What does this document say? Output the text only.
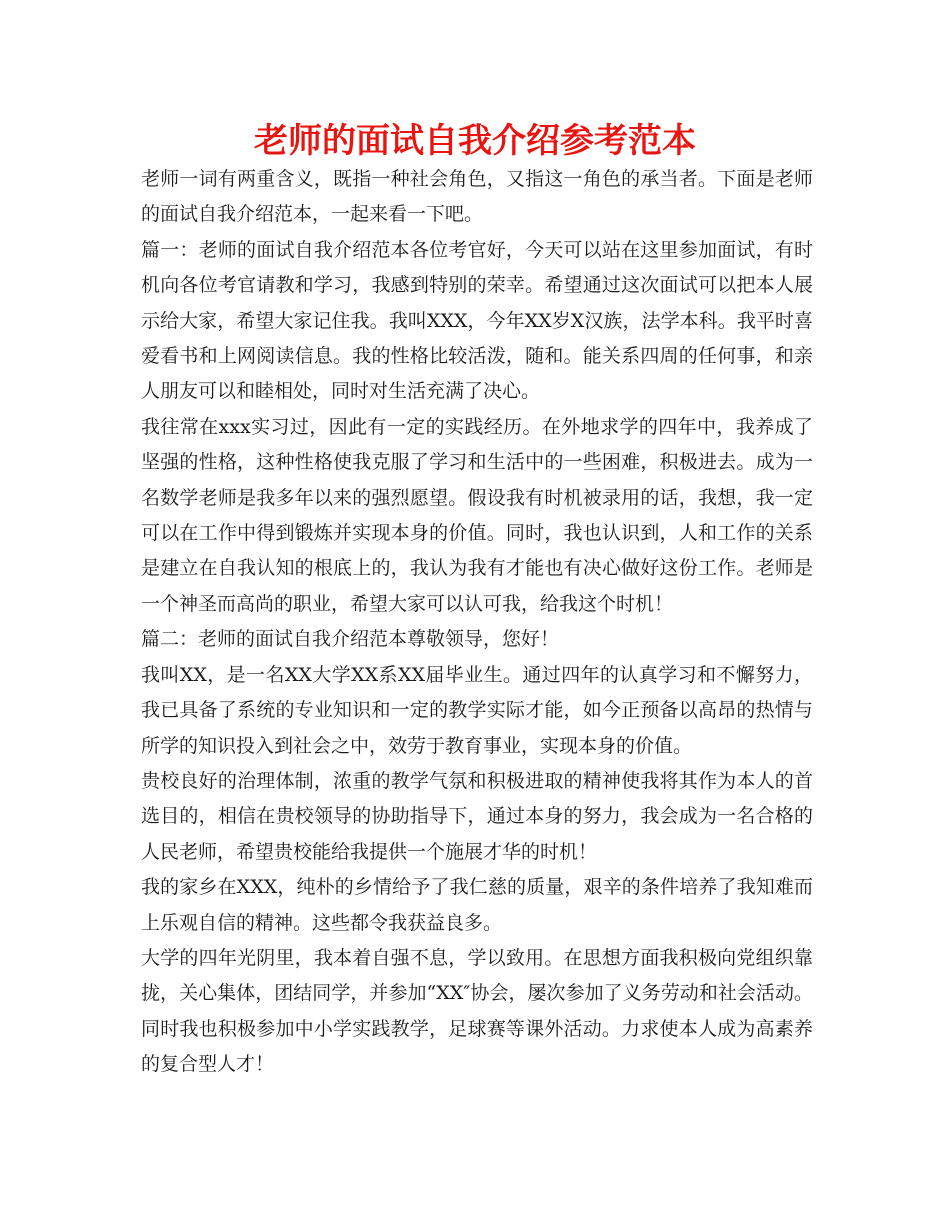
老师的面试自我介绍参考范本

老师一词有两重含义，既指一种社会角色，又指这一角色的承当者。下面是老师的面试自我介绍范本，一起来看一下吧。

篇一：老师的面试自我介绍范本各位考官好，今天可以站在这里参加面试，有时机向各位考官请教和学习，我感到特别的荣幸。希望通过这次面试可以把本人展示给大家，希望大家记住我。我叫XXX，今年XX岁X汉族，法学本科。我平时喜爱看书和上网阅读信息。我的性格比较活泼，随和。能关系四周的任何事，和亲人朋友可以和睦相处，同时对生活充满了决心。

我往常在xxx实习过，因此有一定的实践经历。在外地求学的四年中，我养成了坚强的性格，这种性格使我克服了学习和生活中的一些困难，积极进去。成为一名数学老师是我多年以来的强烈愿望。假设我有时机被录用的话，我想，我一定可以在工作中得到锻炼并实现本身的价值。同时，我也认识到，人和工作的关系是建立在自我认知的根底上的，我认为我有才能也有决心做好这份工作。老师是一个神圣而高尚的职业，希望大家可以认可我，给我这个时机！

篇二：老师的面试自我介绍范本尊敬领导，您好！

我叫XX，是一名XX大学XX系XX届毕业生。通过四年的认真学习和不懈努力，我已具备了系统的专业知识和一定的教学实际才能，如今正预备以高昂的热情与所学的知识投入到社会之中，效劳于教育事业，实现本身的价值。

贵校良好的治理体制，浓重的教学气氛和积极进取的精神使我将其作为本人的首选目的，相信在贵校领导的协助指导下，通过本身的努力，我会成为一名合格的人民老师，希望贵校能给我提供一个施展才华的时机！

我的家乡在XXX，纯朴的乡情给予了我仁慈的质量，艰辛的条件培养了我知难而上乐观自信的精神。这些都令我获益良多。

大学的四年光阴里，我本着自强不息，学以致用。在思想方面我积极向党组织靠拢，关心集体，团结同学，并参加“XX″协会，屡次参加了义务劳动和社会活动。同时我也积极参加中小学实践教学，足球赛等课外活动。力求使本人成为高素养的复合型人才！
